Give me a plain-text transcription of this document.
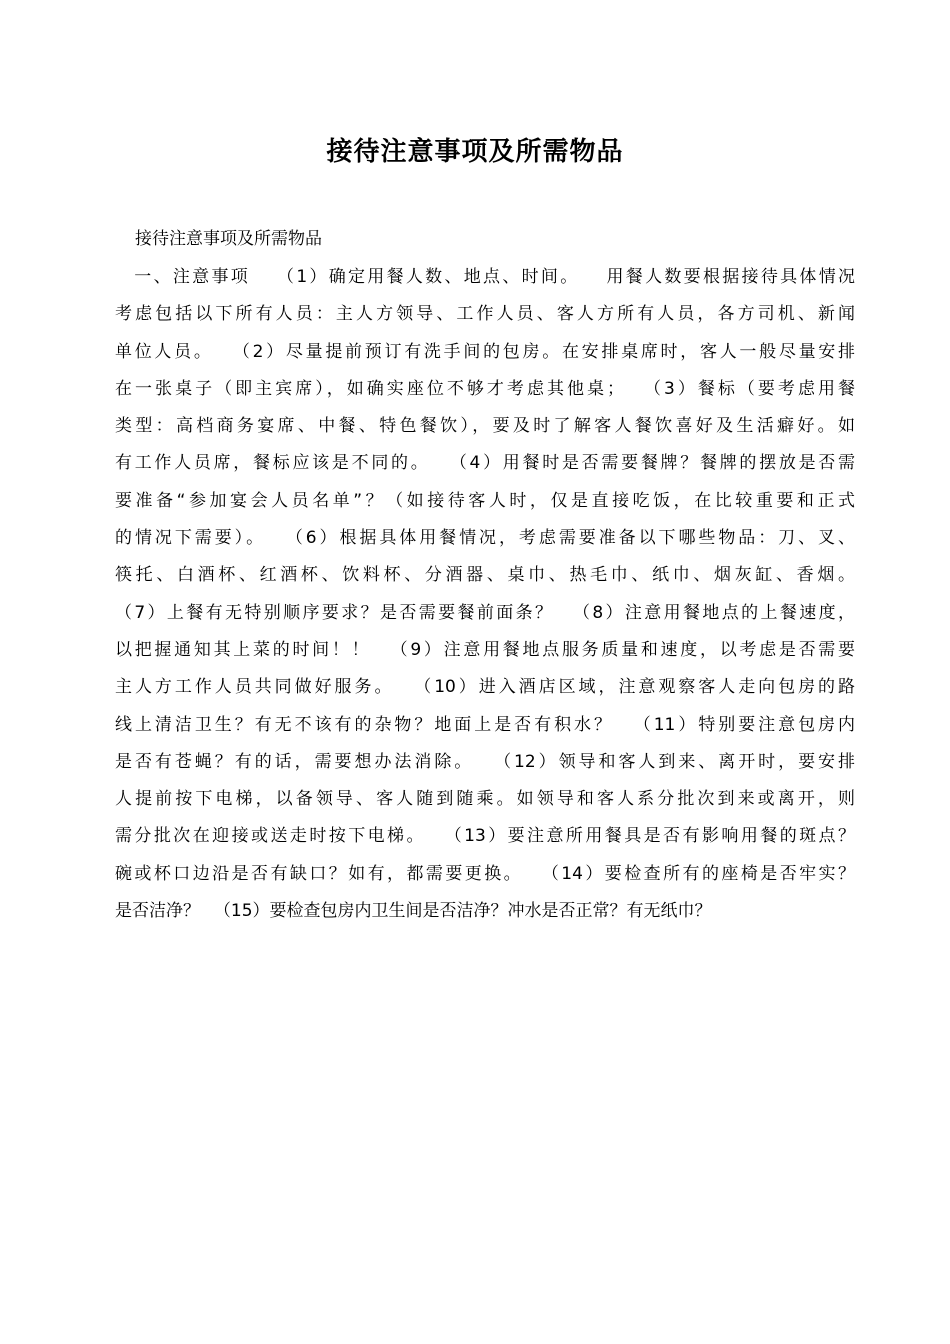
接待注意事项及所需物品
接待注意事项及所需物品
　一、注意事项　 （1）确定用餐人数、地点、时间。 　用餐人数要根据接待具体情况
考虑包括以下所有人员：主人方领导、工作人员、客人方所有人员，各方司机、新闻
单位人员。 　（2）尽量提前预订有洗手间的包房。在安排桌席时，客人一般尽量安排
在一张桌子（即主宾席），如确实座位不够才考虑其他桌； 　（3）餐标（要考虑用餐
类型：高档商务宴席、中餐、特色餐饮），要及时了解客人餐饮喜好及生活癖好。如
有工作人员席，餐标应该是不同的。 　（4）用餐时是否需要餐牌？餐牌的摆放是否需
要准备“参加宴会人员名单”？（如接待客人时，仅是直接吃饭，在比较重要和正式
的情况下需要）。 　（6）根据具体用餐情况，考虑需要准备以下哪些物品：刀、叉、
筷托、白酒杯、红酒杯、饮料杯、分酒器、桌巾、热毛巾、纸巾、烟灰缸、香烟。
（7）上餐有无特别顺序要求？是否需要餐前面条？ 　（8）注意用餐地点的上餐速度，
以把握通知其上菜的时间！！ 　（9）注意用餐地点服务质量和速度，以考虑是否需要
主人方工作人员共同做好服务。 　（10）进入酒店区域，注意观察客人走向包房的路
线上清洁卫生？有无不该有的杂物？地面上是否有积水？ 　（11）特别要注意包房内
是否有苍蝇？有的话，需要想办法消除。 　（12）领导和客人到来、离开时，要安排
人提前按下电梯，以备领导、客人随到随乘。如领导和客人系分批次到来或离开，则
需分批次在迎接或送走时按下电梯。 　（13）要注意所用餐具是否有影响用餐的斑点？
碗或杯口边沿是否有缺口？如有，都需要更换。 　（14）要检查所有的座椅是否牢实？
是否洁净？ 　（15）要检查包房内卫生间是否洁净？冲水是否正常？有无纸巾？
